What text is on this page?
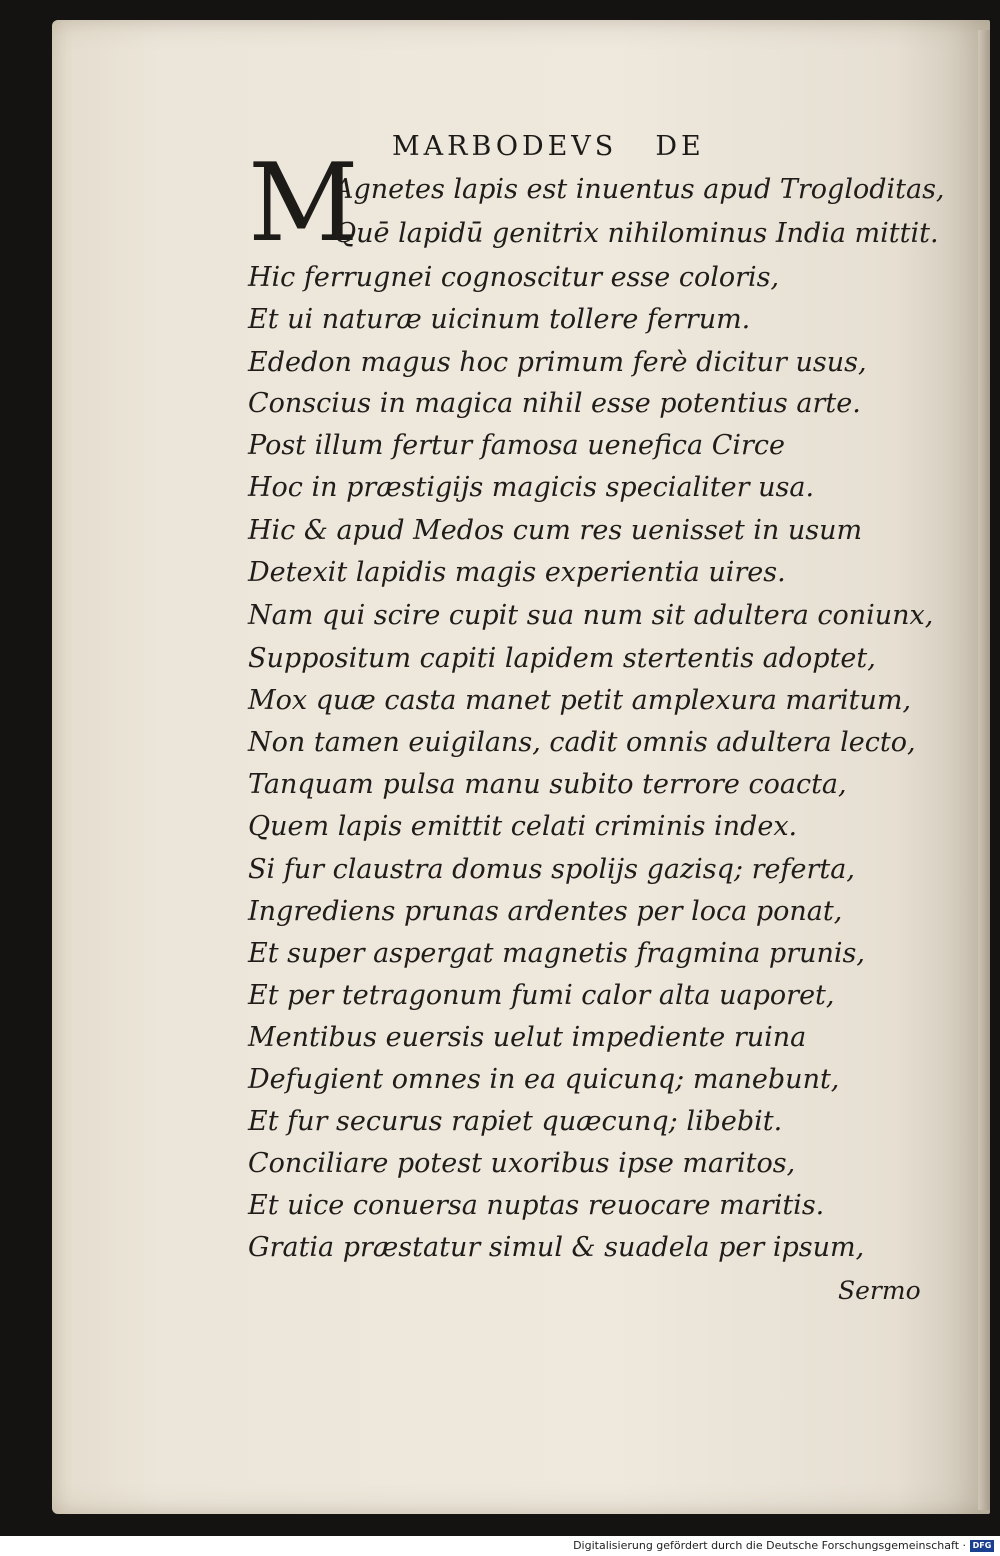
MARBODEVS DE
M
Agnetes lapis est inuentus apud Trogloditas,
Quē lapidū genitrix nihilominus India mittit.
Hic ferrugnei cognoscitur esse coloris,
Et ui naturæ uicinum tollere ferrum.
Ededon magus hoc primum ferè dicitur usus,
Conscius in magica nihil esse potentius arte.
Post illum fertur famosa uenefica Circe
Hoc in præstigijs magicis specialiter usa.
Hic & apud Medos cum res uenisset in usum
Detexit lapidis magis experientia uires.
Nam qui scire cupit sua num sit adultera coniunx,
Suppositum capiti lapidem stertentis adoptet,
Mox quæ casta manet petit amplexura maritum,
Non tamen euigilans, cadit omnis adultera lecto,
Tanquam pulsa manu subito terrore coacta,
Quem lapis emittit celati criminis index.
Si fur claustra domus spolijs gazisq; referta,
Ingrediens prunas ardentes per loca ponat,
Et super aspergat magnetis fragmina prunis,
Et per tetragonum fumi calor alta uaporet,
Mentibus euersis uelut impediente ruina
Defugient omnes in ea quicunq; manebunt,
Et fur securus rapiet quæcunq; libebit.
Conciliare potest uxoribus ipse maritos,
Et uice conuersa nuptas reuocare maritis.
Gratia præstatur simul & suadela per ipsum,
Sermo
Digitalisierung gefördert durch die Deutsche Forschungsgemeinschaft · DFG
